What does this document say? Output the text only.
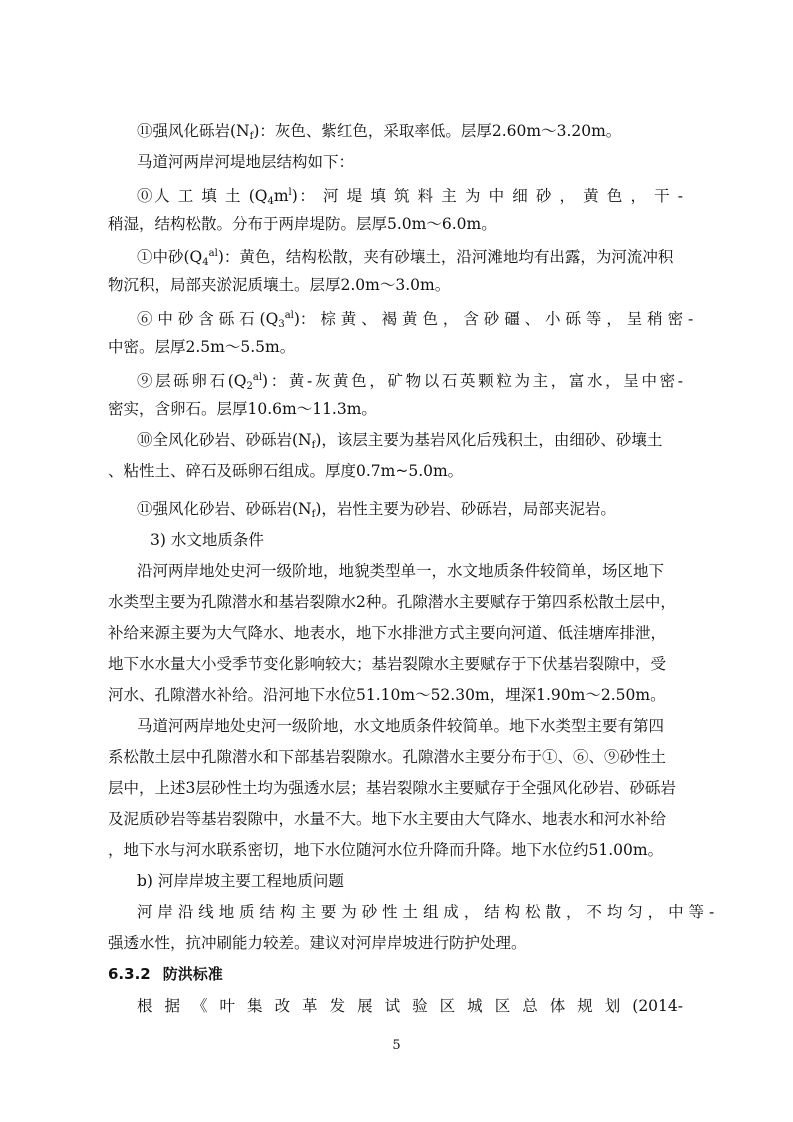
⑪强风化砾岩$(N_f)$：灰色、紫红色，采取率低。层厚2.60m～3.20m。
马道河两岸河堤地层结构如下：
⓪人 工 填 土 $(Q_4m^l)$： 河 堤 填 筑 料 主 为 中 细 砂 ， 黄 色 ， 干 -
稍湿，结构松散。分布于两岸堤防。层厚5.0m～6.0m。
①中砂$(Q_4^{al})$：黄色，结构松散，夹有砂壤土，沿河滩地均有出露，为河流冲积
物沉积，局部夹淤泥质壤土。层厚2.0m～3.0m。
⑥ 中 砂 含 砾 石 $(Q_3^{al})$： 棕 黄 、 褐 黄 色 ， 含 砂 礓 、 小 砾 等 ， 呈 稍 密 -
中密。层厚2.5m～5.5m。
⑨层砾卵石$(Q_2^{al})$：黄-灰黄色，矿物以石英颗粒为主，富水，呈中密-
密实，含卵石。层厚10.6m～11.3m。
⑩全风化砂岩、砂砾岩$(N_f)$，该层主要为基岩风化后残积土，由细砂、砂壤土
、粘性土、碎石及砾卵石组成。厚度0.7m~5.0m。
⑪强风化砂岩、砂砾岩$(N_f)$，岩性主要为砂岩、砂砾岩，局部夹泥岩。
3) 水文地质条件
沿河两岸地处史河一级阶地，地貌类型单一，水文地质条件较简单，场区地下
水类型主要为孔隙潜水和基岩裂隙水2种。孔隙潜水主要赋存于第四系松散土层中，
补给来源主要为大气降水、地表水，地下水排泄方式主要向河道、低洼塘库排泄，
地下水水量大小受季节变化影响较大；基岩裂隙水主要赋存于下伏基岩裂隙中，受
河水、孔隙潜水补给。沿河地下水位51.10m～52.30m，埋深1.90m～2.50m。
马道河两岸地处史河一级阶地，水文地质条件较简单。地下水类型主要有第四
系松散土层中孔隙潜水和下部基岩裂隙水。孔隙潜水主要分布于①、⑥、⑨砂性土
层中，上述3层砂性土均为强透水层；基岩裂隙水主要赋存于全强风化砂岩、砂砾岩
及泥质砂岩等基岩裂隙中，水量不大。地下水主要由大气降水、地表水和河水补给
，地下水与河水联系密切，地下水位随河水位升降而升降。地下水位约51.00m。
b) 河岸岸坡主要工程地质问题
河 岸 沿 线 地 质 结 构 主 要 为 砂 性 土 组 成 ， 结 构 松 散 ， 不 均 匀 ， 中 等 -
强透水性，抗冲刷能力较差。建议对河岸岸坡进行防护处理。
6.3.2 防洪标准
根 据 《 叶 集 改 革 发 展 试 验 区 城 区 总 体 规 划 (2014-
5
